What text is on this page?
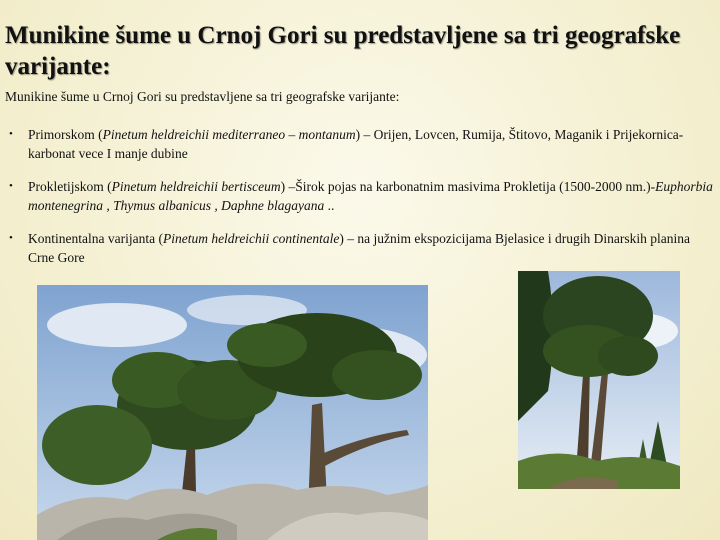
Munikine šume u Crnoj Gori su predstavljene sa tri geografske varijante:

Munikine šume u Crnoj Gori su predstavljene sa tri geografske varijante:

• Primorskom (Pinetum heldreichii mediterraneo – montanum) – Orijen, Lovcen, Rumija, Štitovo, Maganik i Prijekornica- karbonat vece I manje dubine
• Prokletijskom (Pinetum heldreichii bertisceum) –Širok pojas na karbonatnim masivima Prokletija (1500-2000 nm.)-Euphorbia montenegrina , Thymus albanicus , Daphne blagayana ..
• Kontinentalna varijanta (Pinetum heldreichii continentale) – na južnim ekspozicijama Bjelasice i drugih Dinarskih planina Crne Gore
